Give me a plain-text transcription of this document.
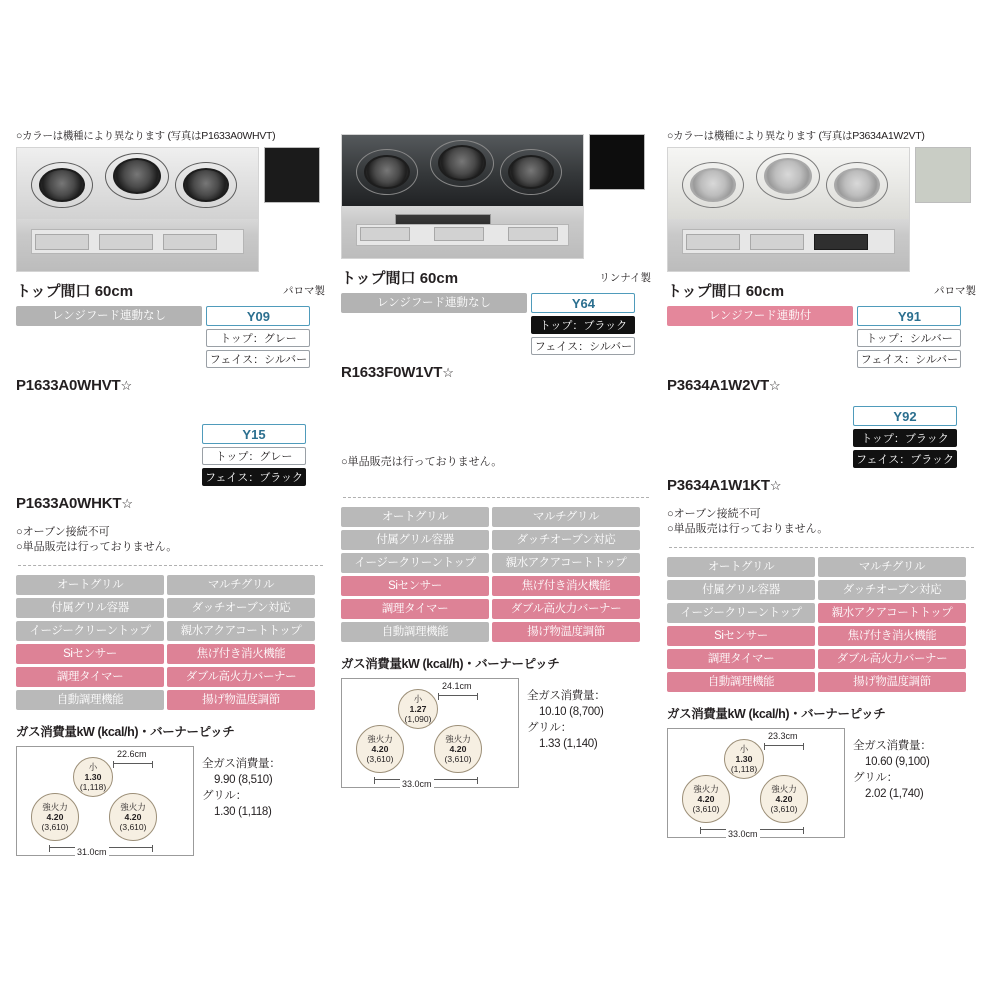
○カラーは機種により異なります (写真はP1633A0WHVT)
トップ間口 60cm	パロマ製
レンジフード連動なし	Y09
トップ：グレー
フェイス：シルバー
P1633A0WHVT☆

Y15
トップ：グレー
フェイス：ブラック
P1633A0WHKT☆
○オーブン接続不可
○単品販売は行っておりません。
オートグリル	マルチグリル
付属グリル容器	ダッチオーブン対応
イージークリーントップ	親水アクアコートトップ
Siセンサー	焦げ付き消火機能
調理タイマー	ダブル高火力バーナー
自動調理機能	揚げ物温度調節
ガス消費量kW (kcal/h)・バーナーピッチ
小
1.30
(1,118)
強火力
4.20
(3,610)
強火力
4.20
(3,610)
22.6cm
31.0cm
全ガス消費量：
9.90 (8,510)
グリル：
1.30 (1,118)
トップ間口 60cm	リンナイ製
レンジフード連動なし	Y64
トップ：ブラック
フェイス：シルバー
R1633F0W1VT☆
○単品販売は行っておりません。
オートグリル	マルチグリル
付属グリル容器	ダッチオーブン対応
イージークリーントップ	親水アクアコートトップ
Siセンサー	焦げ付き消火機能
調理タイマー	ダブル高火力バーナー
自動調理機能	揚げ物温度調節
ガス消費量kW (kcal/h)・バーナーピッチ
小
1.27
(1,090)
強火力
4.20
(3,610)
強火力
4.20
(3,610)
24.1cm
33.0cm
全ガス消費量：
10.10 (8,700)
グリル：
1.33 (1,140)
○カラーは機種により異なります (写真はP3634A1W2VT)
トップ間口 60cm	パロマ製
レンジフード連動付	Y91
トップ：シルバー
フェイス：シルバー
P3634A1W2VT☆
Y92
トップ：ブラック
フェイス：ブラック
P3634A1W1KT☆
○オーブン接続不可
○単品販売は行っておりません。
オートグリル	マルチグリル
付属グリル容器	ダッチオーブン対応
イージークリーントップ	親水アクアコートトップ
Siセンサー	焦げ付き消火機能
調理タイマー	ダブル高火力バーナー
自動調理機能	揚げ物温度調節
ガス消費量kW (kcal/h)・バーナーピッチ
小
1.30
(1,118)
強火力
4.20
(3,610)
強火力
4.20
(3,610)
23.3cm
33.0cm
全ガス消費量：
10.60 (9,100)
グリル：
2.02 (1,740)
